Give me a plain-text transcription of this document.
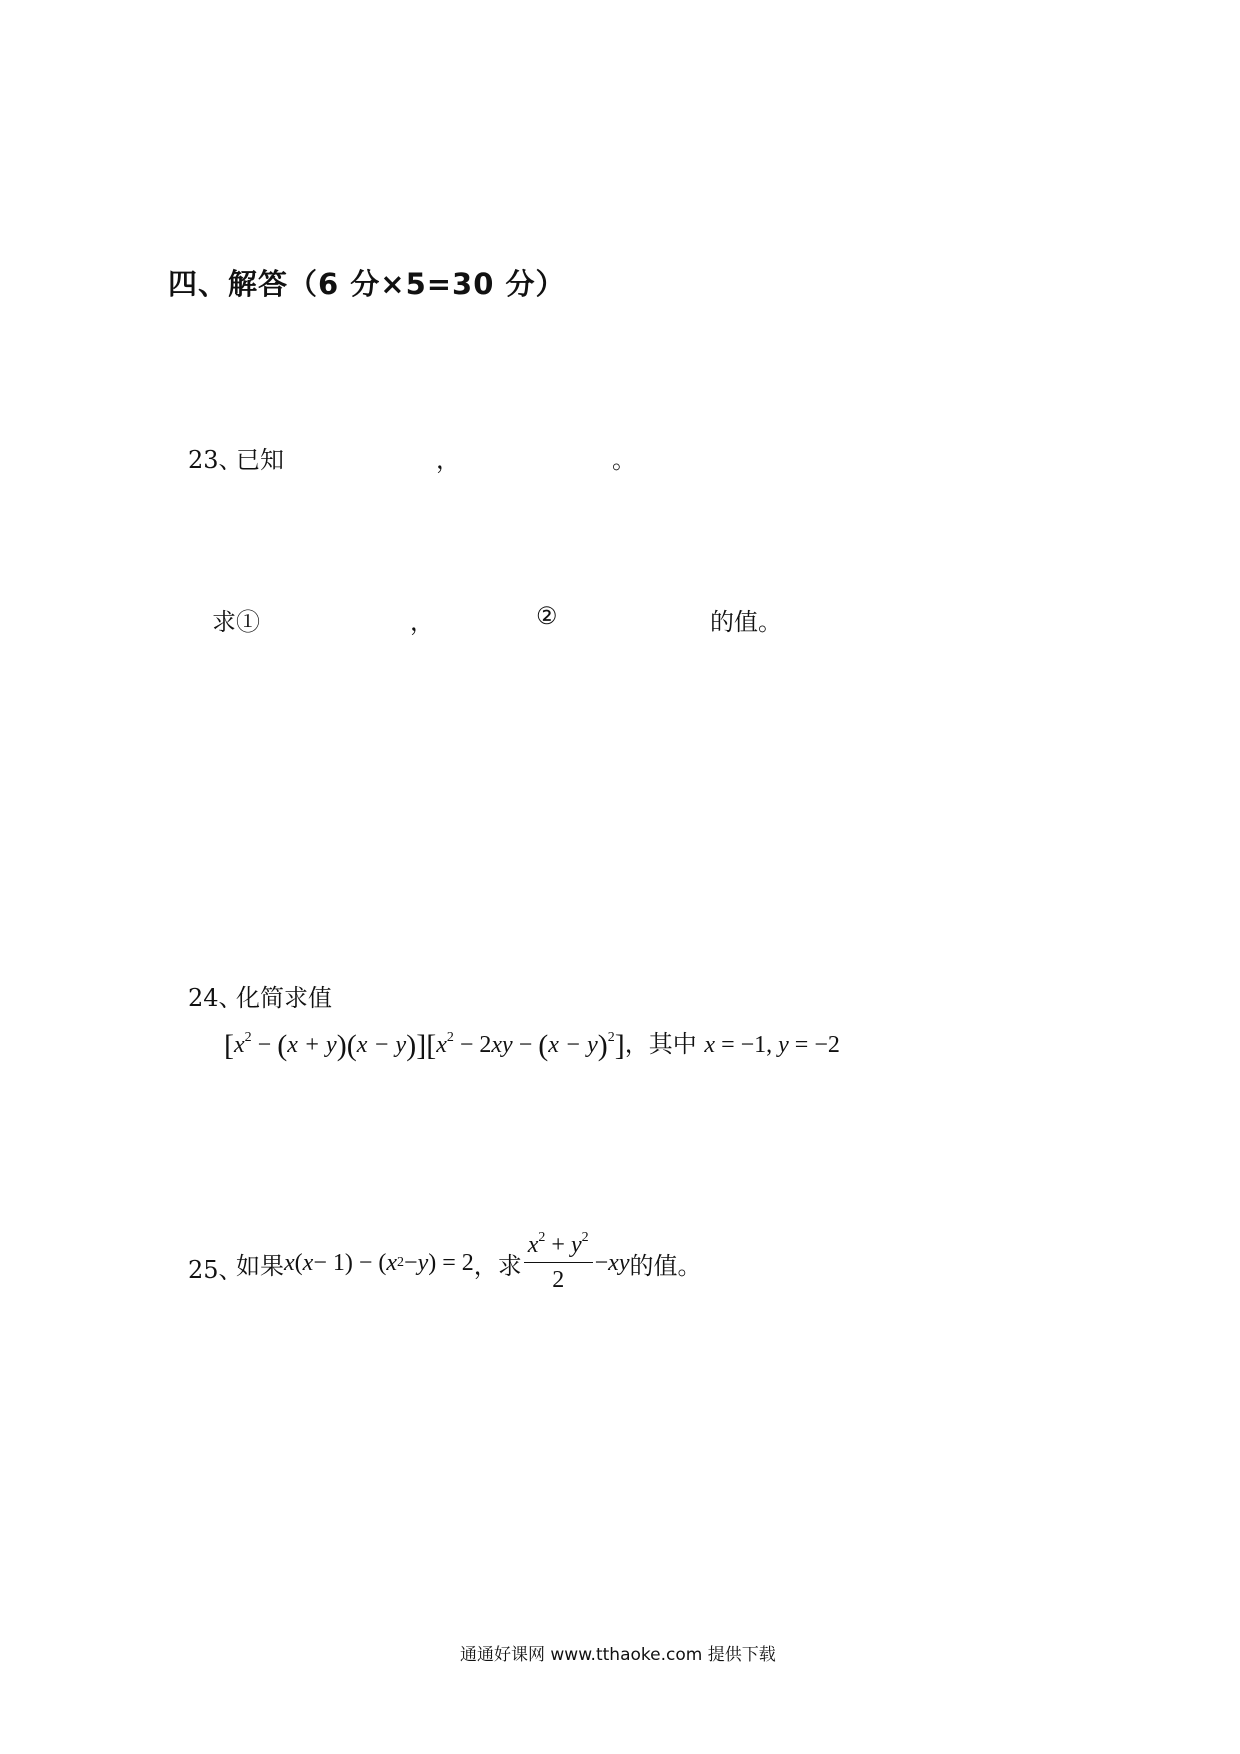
四、解答（6 分×5=30 分）
23、
已知	，	。
求①	，	②	的值。
24、
化简求值
$[x^2 - (x + y)(x - y)][x^2 - 2xy - (x - y)^2]$，其中 x = −1, y = −2
25、
如果 x ( x − 1) − ( x 2 − y ) = 2 ，求 $\frac{x^2 + y^2}{2}$ − xy 的值。
通通好课网 www.tthaoke.com 提供下载
